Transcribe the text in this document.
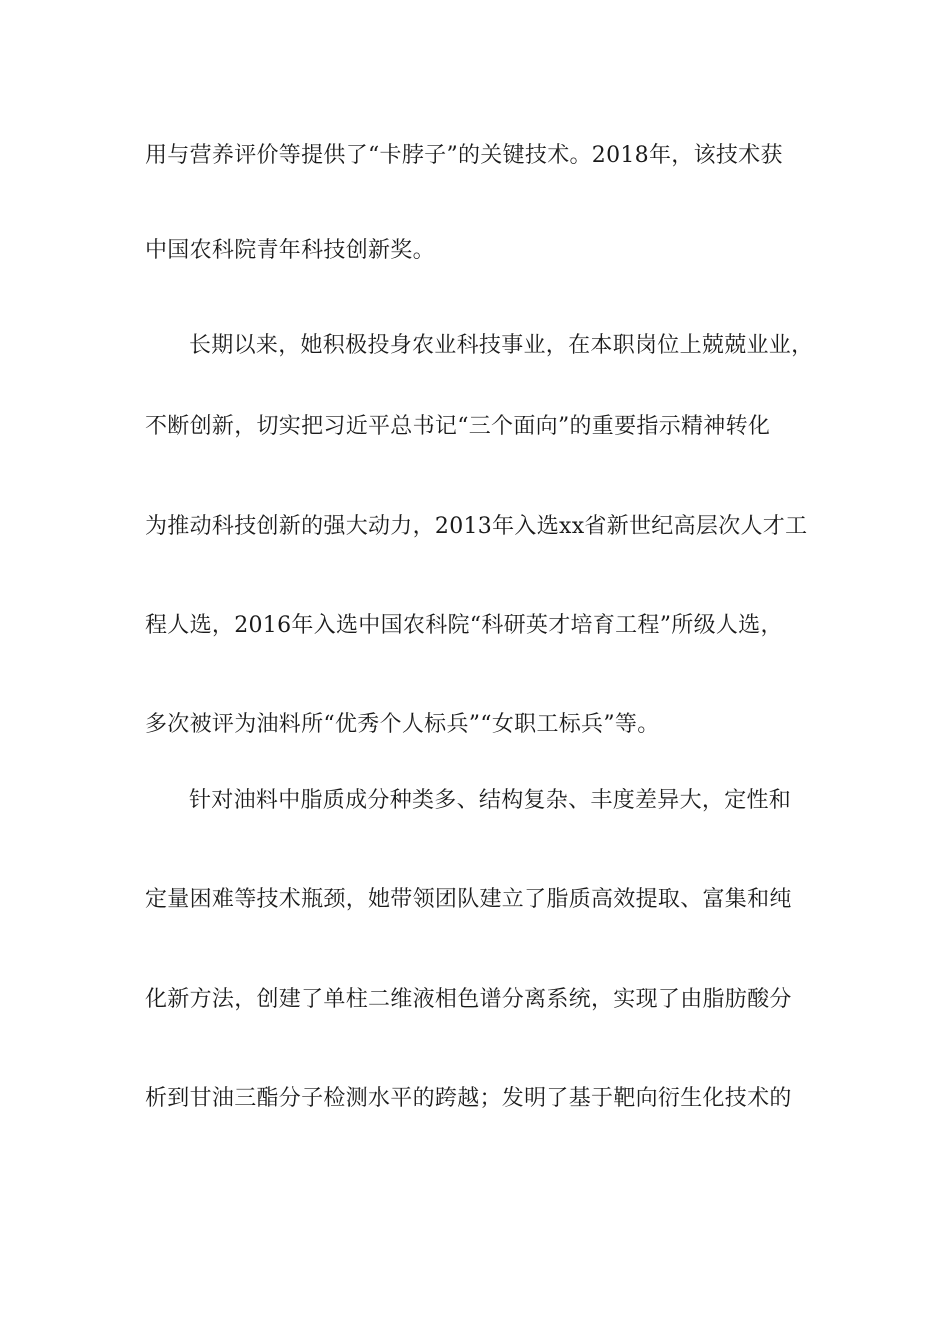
用与营养评价等提供了“卡脖子”的关键技术。2018年，该技术获
中国农科院青年科技创新奖。
长期以来，她积极投身农业科技事业，在本职岗位上兢兢业业，
不断创新，切实把习近平总书记“三个面向”的重要指示精神转化
为推动科技创新的强大动力，2013年入选xx省新世纪高层次人才工
程人选，2016年入选中国农科院“科研英才培育工程”所级人选，
多次被评为油料所“优秀个人标兵”“女职工标兵”等。
针对油料中脂质成分种类多、结构复杂、丰度差异大，定性和
定量困难等技术瓶颈，她带领团队建立了脂质高效提取、富集和纯
化新方法，创建了单柱二维液相色谱分离系统，实现了由脂肪酸分
析到甘油三酯分子检测水平的跨越；发明了基于靶向衍生化技术的
